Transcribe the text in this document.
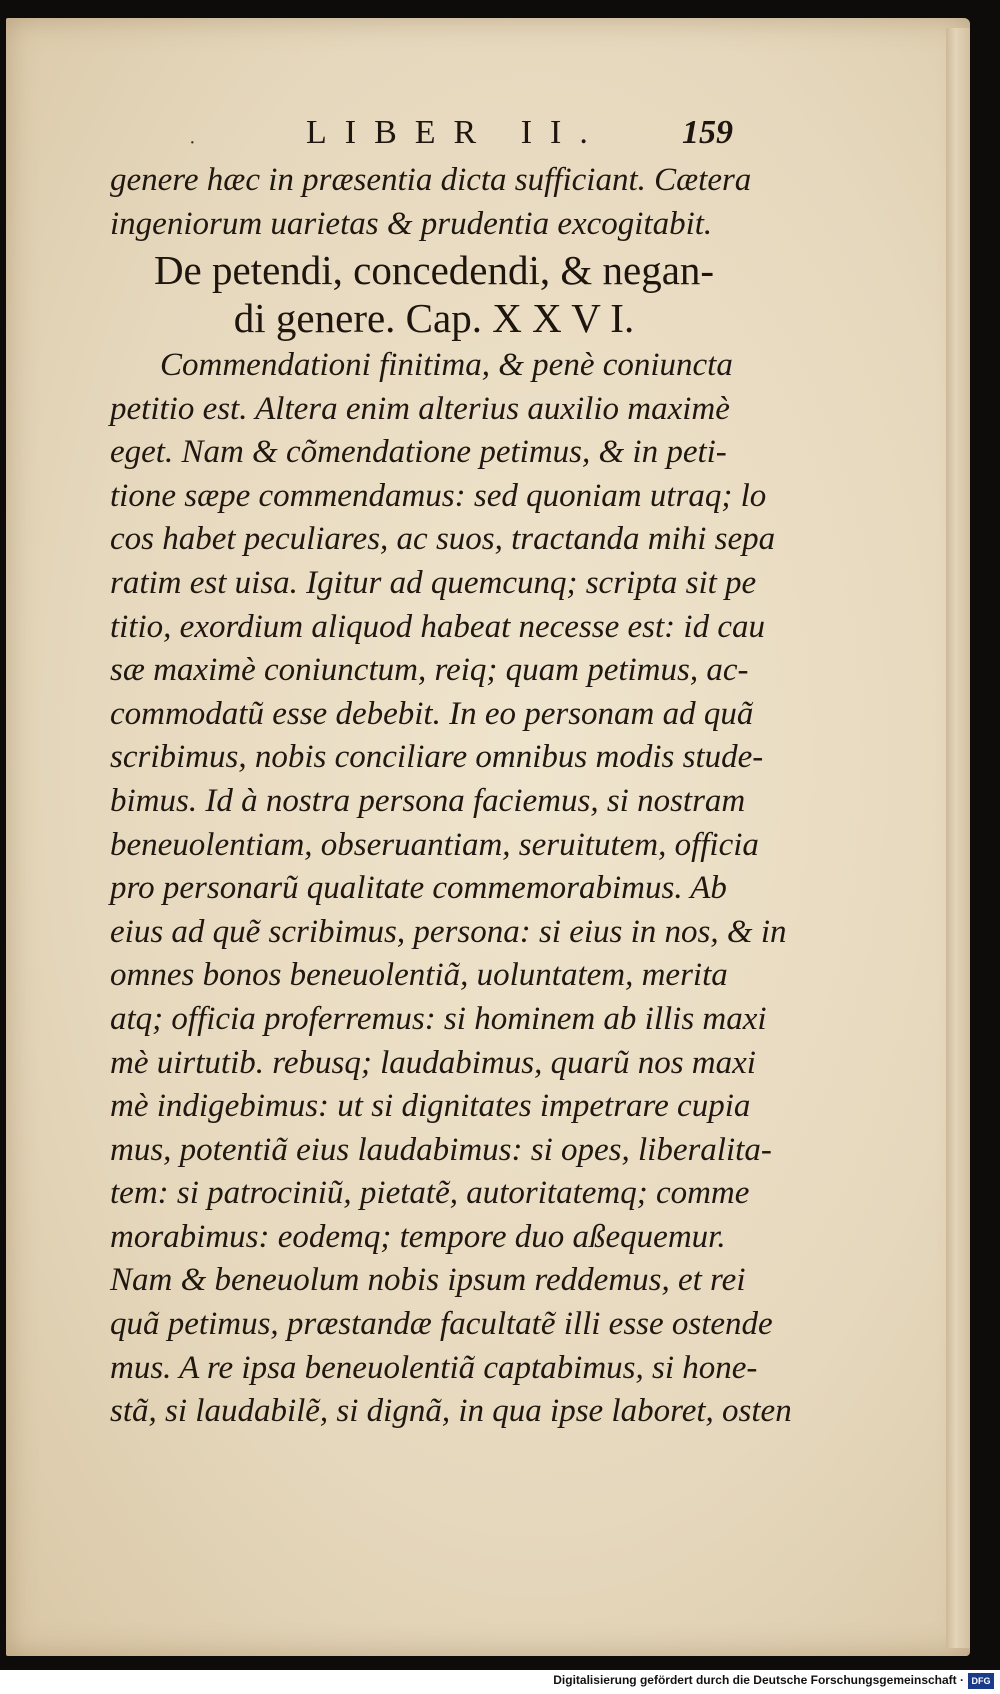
·	LIBER II. 159
genere hæc in præsentia dicta sufficiant. Cætera
ingeniorum uarietas & prudentia excogitabit.
De petendi, concedendi, & negan-
di genere. Cap. X X V I.
Commendationi finitima, & penè coniuncta
petitio est. Altera enim alterius auxilio maximè
eget. Nam & cõmendatione petimus, & in peti-
tione sæpe commendamus: sed quoniam utraq; lo
cos habet peculiares, ac suos, tractanda mihi sepa
ratim est uisa. Igitur ad quemcunq; scripta sit pe
titio, exordium aliquod habeat necesse est: id cau
sæ maximè coniunctum, reiq; quam petimus, ac-
commodatũ esse debebit. In eo personam ad quã
scribimus, nobis conciliare omnibus modis stude-
bimus. Id à nostra persona faciemus, si nostram
beneuolentiam, obseruantiam, seruitutem, officia
pro personarũ qualitate commemorabimus. Ab
eius ad quẽ scribimus, persona: si eius in nos, & in
omnes bonos beneuolentiã, uoluntatem, merita
atq; officia proferremus: si hominem ab illis maxi
mè uirtutib. rebusq; laudabimus, quarũ nos maxi
mè indigebimus: ut si dignitates impetrare cupia
mus, potentiã eius laudabimus: si opes, liberalita-
tem: si patrociniũ, pietatẽ, autoritatemq; comme
morabimus: eodemq; tempore duo aßequemur.
Nam & beneuolum nobis ipsum reddemus, et rei
quã petimus, præstandæ facultatẽ illi esse ostende
mus. A re ipsa beneuolentiã captabimus, si hone-
stã, si laudabilẽ, si dignã, in qua ipse laboret, osten
Digitalisierung gefördert durch die Deutsche Forschungsgemeinschaft · DFG
